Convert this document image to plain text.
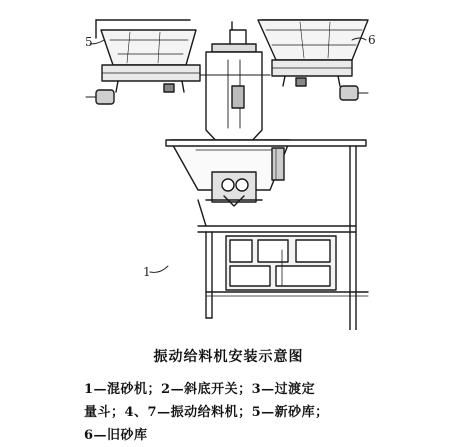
5	6
1
振动给料机安装示意图
1—混砂机；2—斜底开关；3—过渡定
量斗；4、7—振动给料机；5—新砂库；
6—旧砂库
